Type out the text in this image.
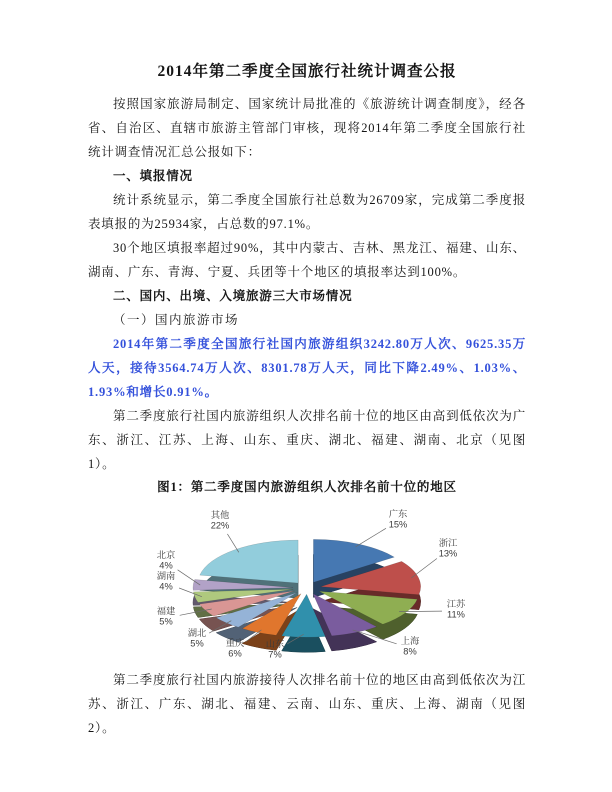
2014年第二季度全国旅行社统计调查公报

按照国家旅游局制定、国家统计局批准的《旅游统计调查制度》，经各省、自治区、直辖市旅游主管部门审核，现将2014年第二季度全国旅行社统计调查情况汇总公报如下：

一、填报情况

统计系统显示，第二季度全国旅行社总数为26709家，完成第二季度报表填报的为25934家，占总数的97.1%。

30个地区填报率超过90%，其中内蒙古、吉林、黑龙江、福建、山东、湖南、广东、青海、宁夏、兵团等十个地区的填报率达到100%。

二、国内、出境、入境旅游三大市场情况

（一）国内旅游市场

2014年第二季度全国旅行社国内旅游组织3242.80万人次、9625.35万人天，接待3564.74万人次、8301.78万人天，同比下降2.49%、1.03%、1.93%和增长0.91%。

第二季度旅行社国内旅游组织人次排名前十位的地区由高到低依次为广东、浙江、江苏、上海、山东、重庆、湖北、福建、湖南、北京（见图1）。

图1：第二季度国内旅游组织人次排名前十位的地区

广东 15%
浙江 13%
江苏 11%
上海 8%
山东 7%
重庆 6%
湖北 5%
福建 5%
湖南 4%
北京 4%
其他 22%

第二季度旅行社国内旅游接待人次排名前十位的地区由高到低依次为江苏、浙江、广东、湖北、福建、云南、山东、重庆、上海、湖南（见图2）。
